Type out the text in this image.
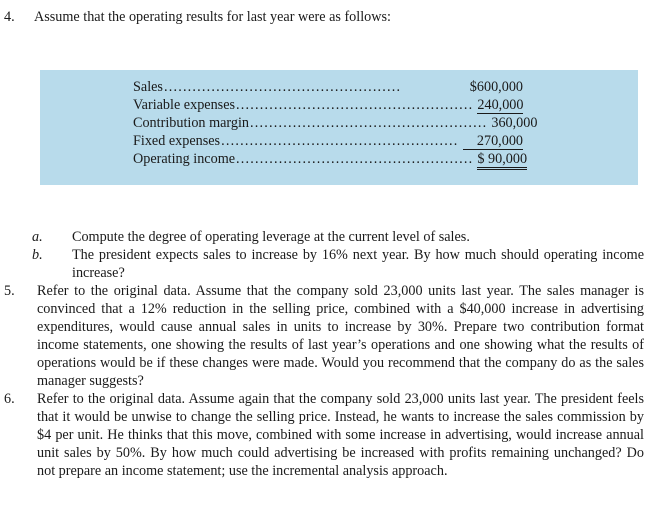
4. Assume that the operating results for last year were as follows:
Sales ..................................................	$600,000
Variable expenses .................................................. 240,000
Contribution margin .................................................. 360,000
Fixed expenses ..................................................	270,000
Operating income .................................................. $ 90,000
a.	Compute the degree of operating leverage at the current level of sales.
b.	The president expects sales to increase by 16% next year. By how much should operating income increase?
5.	Refer to the original data. Assume that the company sold 23,000 units last year. The sales manager is convinced that a 12% reduction in the selling price, combined with a $40,000 increase in advertising expenditures, would cause annual sales in units to increase by 30%. Prepare two contribution format income statements, one showing the results of last year’s operations and one showing what the results of operations would be if these changes were made. Would you recommend that the company do as the sales manager suggests?
6.	Refer to the original data. Assume again that the company sold 23,000 units last year. The president feels that it would be unwise to change the selling price. Instead, he wants to increase the sales commission by $4 per unit. He thinks that this move, combined with some increase in advertising, would increase annual unit sales by 50%. By how much could advertising be increased with profits remaining unchanged? Do not prepare an income statement; use the incremental analysis approach.
